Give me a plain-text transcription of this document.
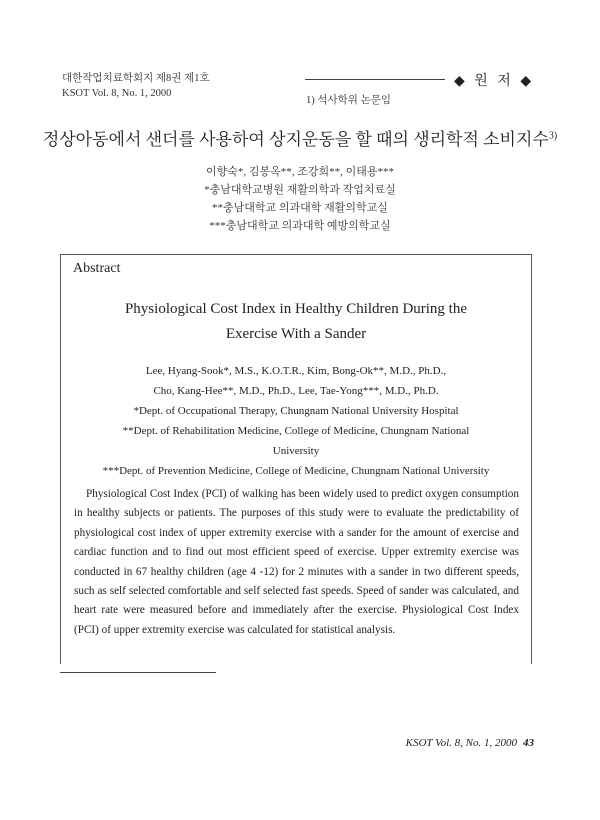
대한작업치료학회지 제8권 제1호
KSOT Vol. 8, No. 1, 2000
◆ 원 저 ◆
1) 석사학위 논문임
정상아동에서 샌더를 사용하여 상지운동을 할 때의 생리학적 소비지수$^{3)}$
이향숙*, 김봉옥**, 조강희**, 이태용***
*충남대학교병원 재활의학과 작업치료실
**충남대학교 의과대학 재활의학교실
***충남대학교 의과대학 예방의학교실
Abstract
Physiological Cost Index in Healthy Children During the
Exercise With a Sander
Lee, Hyang-Sook*, M.S., K.O.T.R., Kim, Bong-Ok**, M.D., Ph.D.,
Cho, Kang-Hee**, M.D., Ph.D., Lee, Tae-Yong***, M.D., Ph.D.
*Dept. of Occupational Therapy, Chungnam National University Hospital
**Dept. of Rehabilitation Medicine, College of Medicine, Chungnam National
University
***Dept. of Prevention Medicine, College of Medicine, Chungnam National University
Physiological Cost Index (PCI) of walking has been widely used to predict oxygen consumption in healthy subjects or patients. The purposes of this study were to evaluate the predictability of physiological cost index of upper extremity exercise with a sander for the amount of exercise and cardiac function and to find out most efficient speed of exercise. Upper extremity exercise was conducted in 67 healthy children (age 4 -12) for 2 minutes with a sander in two different speeds, such as self selected comfortable and self selected fast speeds. Speed of sander was calculated, and heart rate were measured before and immediately after the exercise. Physiological Cost Index (PCI) of upper extremity exercise was calculated for statistical analysis.
KSOT Vol. 8, No. 1, 2000 43
